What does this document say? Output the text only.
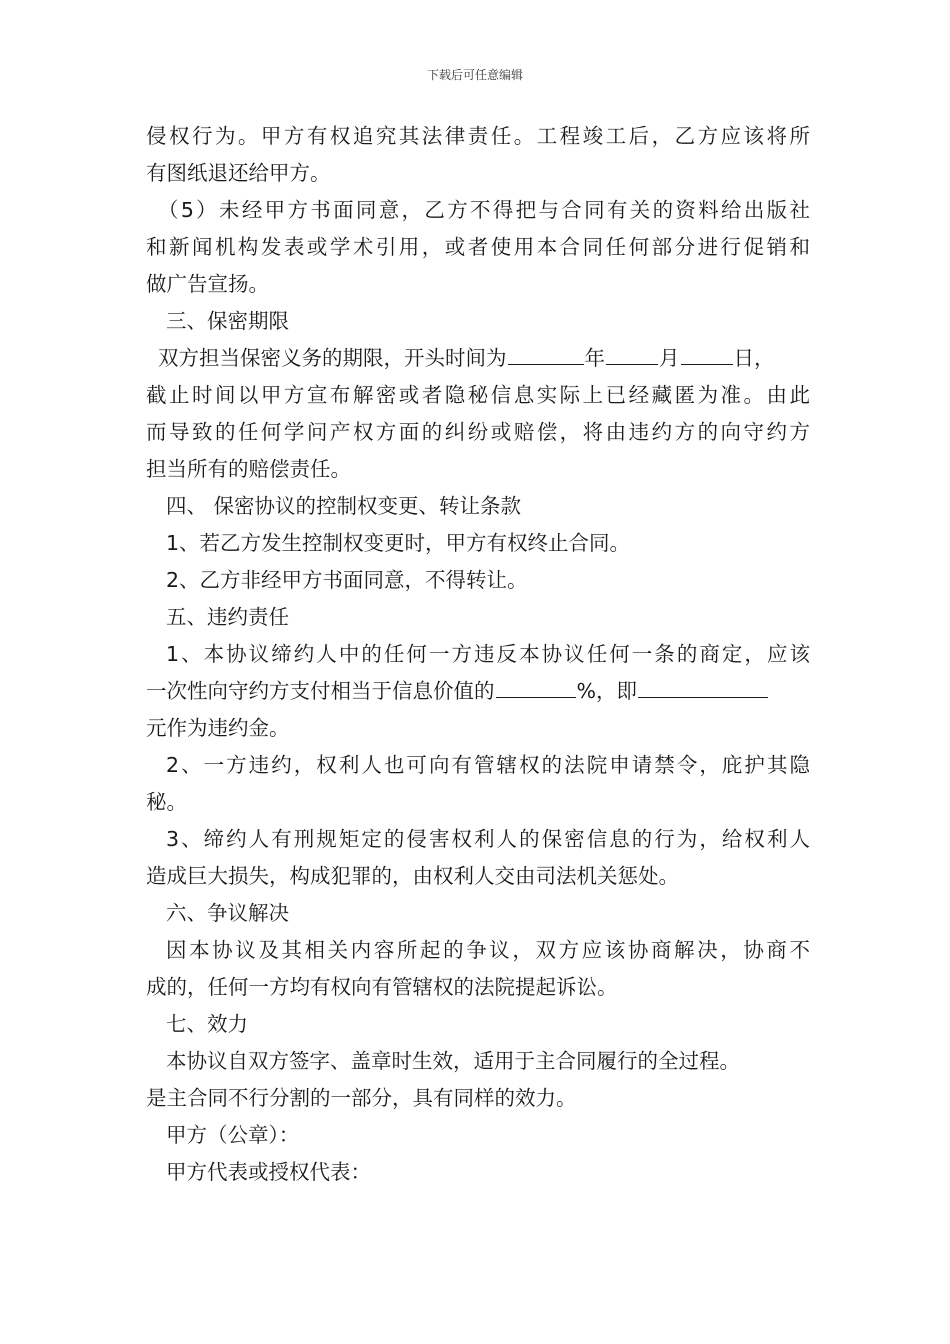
下载后可任意编辑
侵权行为。甲方有权追究其法律责任。工程竣工后，乙方应该将所
有图纸退还给甲方。
（5）未经甲方书面同意，乙方不得把与合同有关的资料给出版社
和新闻机构发表或学术引用，或者使用本合同任何部分进行促销和
做广告宣扬。
三、保密期限
双方担当保密义务的期限，开头时间为	年	月	日，
截止时间以甲方宣布解密或者隐秘信息实际上已经藏匿为准。由此
而导致的任何学问产权方面的纠纷或赔偿，将由违约方的向守约方
担当所有的赔偿责任。
四、 保密协议的控制权变更、转让条款
1、若乙方发生控制权变更时，甲方有权终止合同。
2、乙方非经甲方书面同意，不得转让。
五、违约责任
1、本协议缔约人中的任何一方违反本协议任何一条的商定，应该
一次性向守约方支付相当于信息价值的	%，即
元作为违约金。
2、一方违约，权利人也可向有管辖权的法院申请禁令，庇护其隐
秘。
3、缔约人有刑规矩定的侵害权利人的保密信息的行为，给权利人
造成巨大损失，构成犯罪的，由权利人交由司法机关惩处。
六、争议解决
因本协议及其相关内容所起的争议，双方应该协商解决，协商不
成的，任何一方均有权向有管辖权的法院提起诉讼。
七、效力
本协议自双方签字、盖章时生效，适用于主合同履行的全过程。
是主合同不行分割的一部分，具有同样的效力。
甲方（公章）：
甲方代表或授权代表：
